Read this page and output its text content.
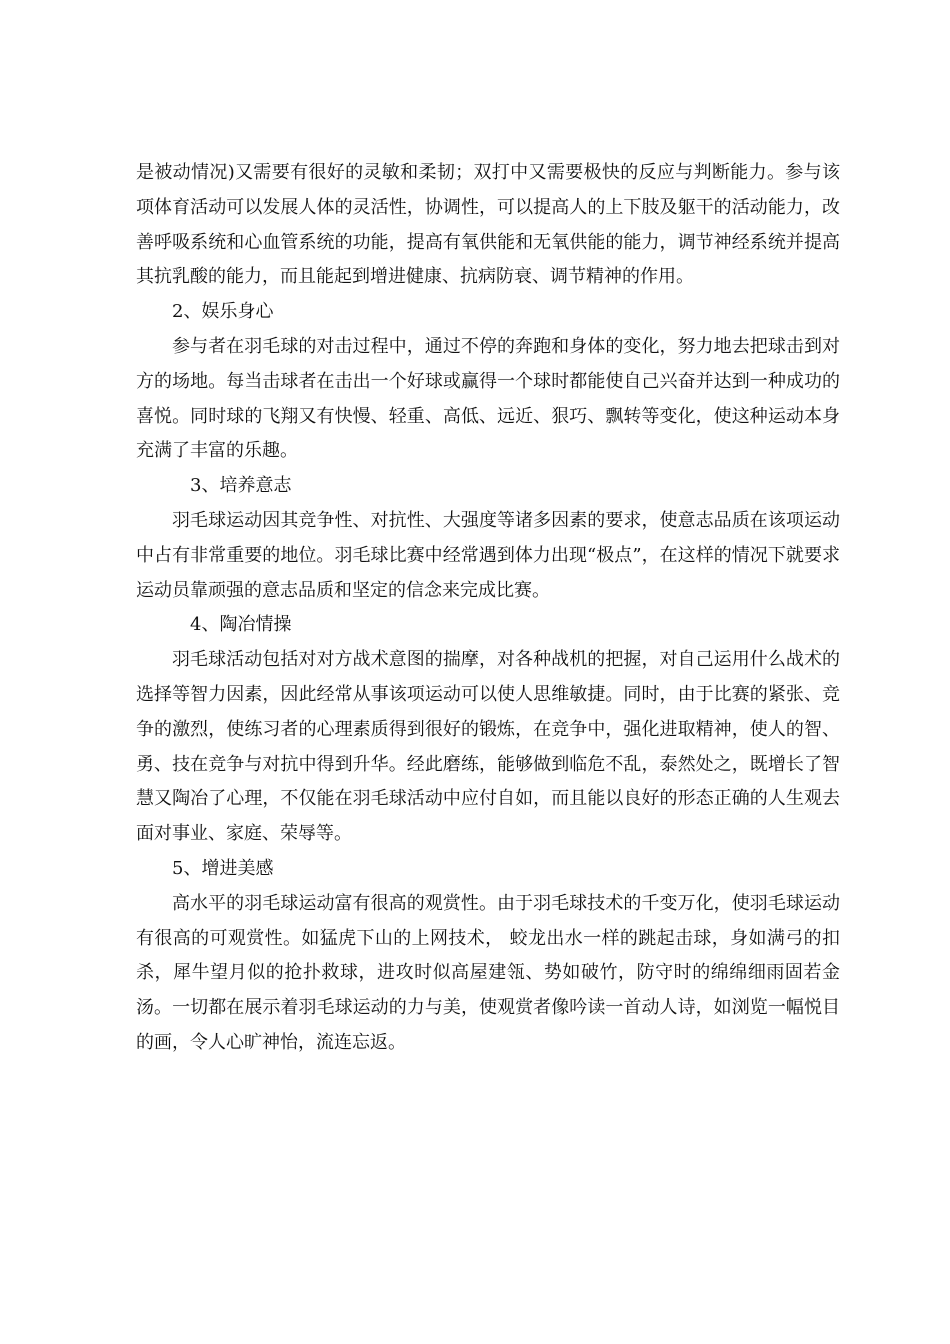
是被动情况)又需要有很好的灵敏和柔韧；双打中又需要极快的反应与判断能力。参与该项体育活动可以发展人体的灵活性，协调性，可以提高人的上下肢及躯干的活动能力，改善呼吸系统和心血管系统的功能，提高有氧供能和无氧供能的能力，调节神经系统并提高其抗乳酸的能力，而且能起到增进健康、抗病防衰、调节精神的作用。

2、娱乐身心

参与者在羽毛球的对击过程中，通过不停的奔跑和身体的变化，努力地去把球击到对方的场地。每当击球者在击出一个好球或赢得一个球时都能使自己兴奋并达到一种成功的喜悦。同时球的飞翔又有快慢、轻重、高低、远近、狠巧、飘转等变化，使这种运动本身充满了丰富的乐趣。

3、培养意志

羽毛球运动因其竞争性、对抗性、大强度等诸多因素的要求，使意志品质在该项运动中占有非常重要的地位。羽毛球比赛中经常遇到体力出现“极点”，在这样的情况下就要求运动员靠顽强的意志品质和坚定的信念来完成比赛。

4、陶冶情操

羽毛球活动包括对对方战术意图的揣摩，对各种战机的把握，对自己运用什么战术的选择等智力因素，因此经常从事该项运动可以使人思维敏捷。同时，由于比赛的紧张、竞争的激烈，使练习者的心理素质得到很好的锻炼，在竞争中，强化进取精神，使人的智、勇、技在竞争与对抗中得到升华。经此磨练，能够做到临危不乱，泰然处之，既增长了智慧又陶冶了心理，不仅能在羽毛球活动中应付自如，而且能以良好的形态正确的人生观去面对事业、家庭、荣辱等。

5、增进美感

高水平的羽毛球运动富有很高的观赏性。由于羽毛球技术的千变万化，使羽毛球运动有很高的可观赏性。如猛虎下山的上网技术， 蛟龙出水一样的跳起击球，身如满弓的扣杀，犀牛望月似的抢扑救球，进攻时似高屋建瓴、势如破竹，防守时的绵绵细雨固若金汤。一切都在展示着羽毛球运动的力与美，使观赏者像吟读一首动人诗，如浏览一幅悦目的画，令人心旷神怡，流连忘返。
